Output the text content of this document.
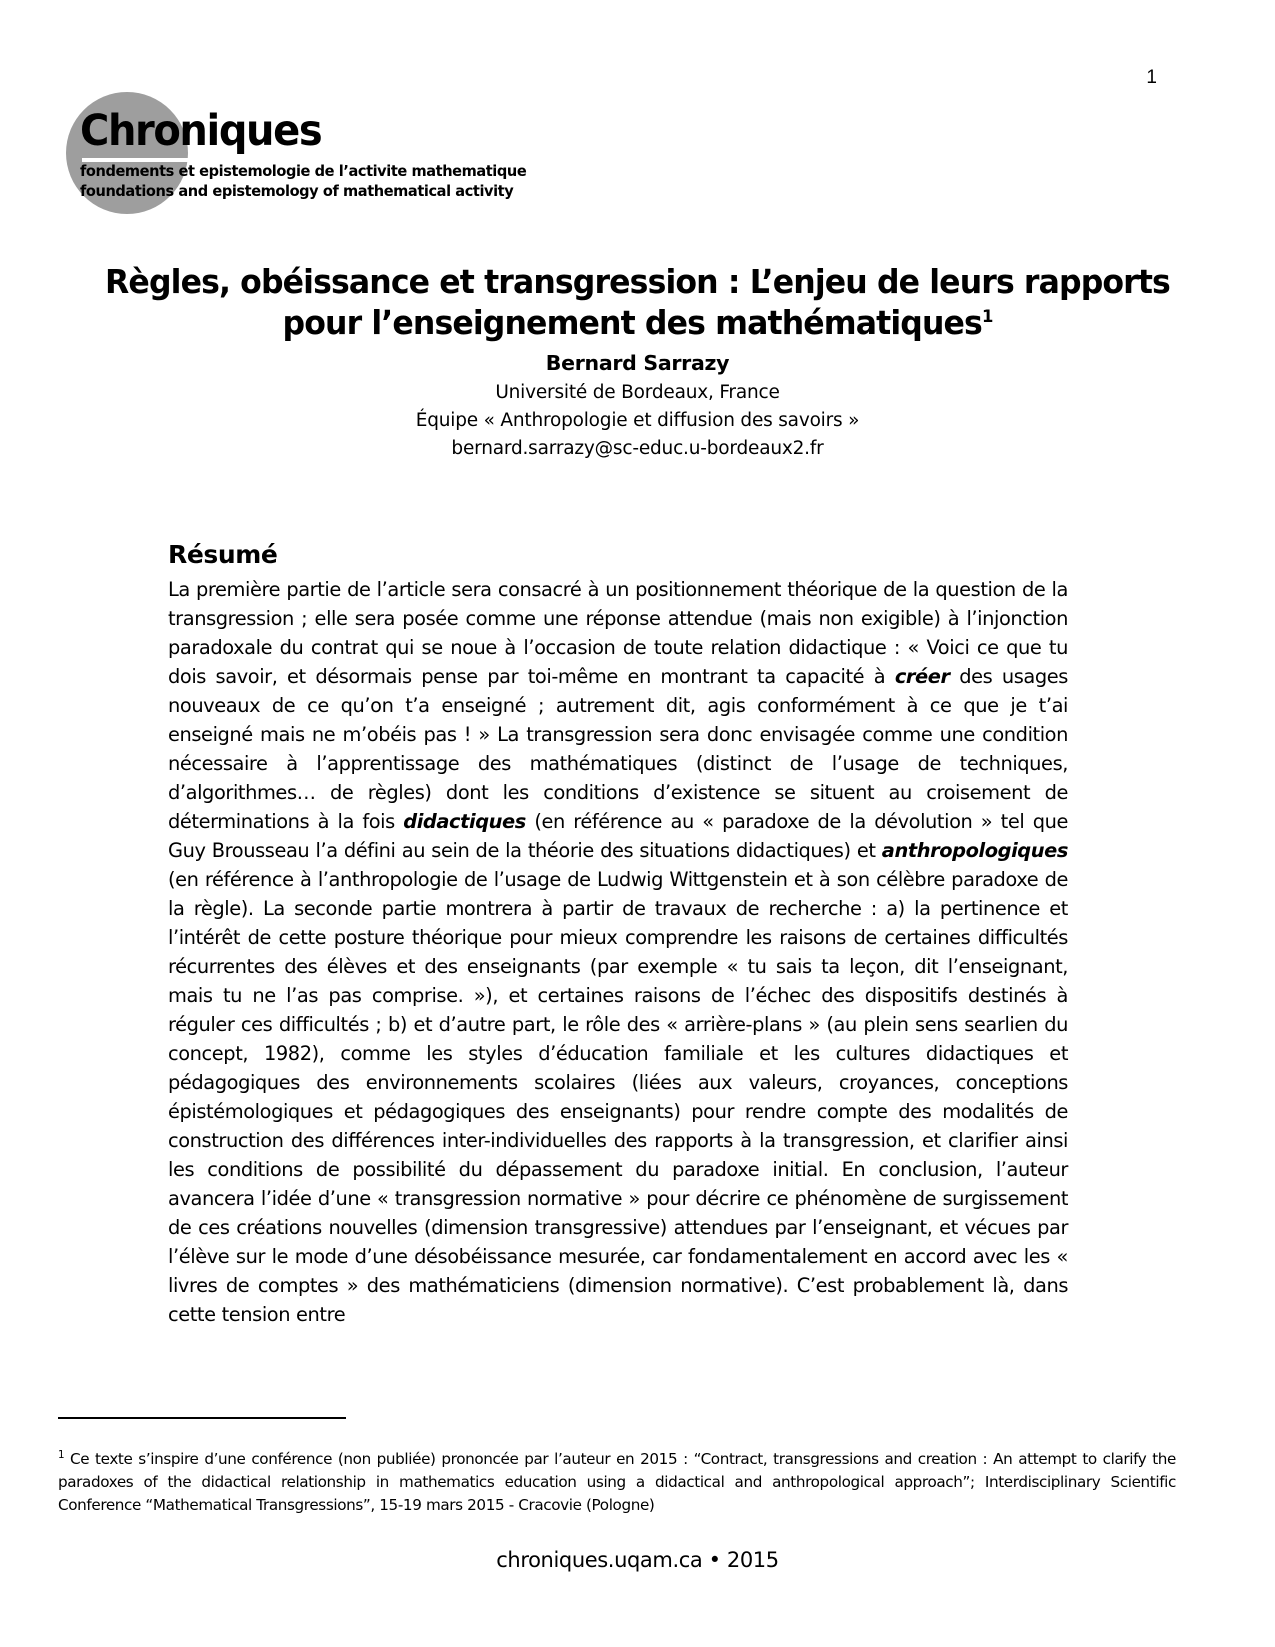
1
Chroniques
fondements et epistemologie de l’activite mathematique
foundations and epistemology of mathematical activity
Règles, obéissance et transgression : L’enjeu de leurs rapports
pour l’enseignement des mathématiques$^1$
Bernard Sarrazy
Université de Bordeaux, France
Équipe « Anthropologie et diffusion des savoirs »
bernard.sarrazy@sc-educ.u-bordeaux2.fr
Résumé

La première partie de l’article sera consacré à un positionnement théorique de la question de la transgression ; elle sera posée comme une réponse attendue (mais non exigible) à l’injonction paradoxale du contrat qui se noue à l’occasion de toute relation didactique : « Voici ce que tu dois savoir, et désormais pense par toi-même en montrant ta capacité à créer des usages nouveaux de ce qu’on t’a enseigné ; autrement dit, agis conformément à ce que je t’ai enseigné mais ne m’obéis pas ! » La transgression sera donc envisagée comme une condition nécessaire à l’apprentissage des mathématiques (distinct de l’usage de techniques, d’algorithmes… de règles) dont les conditions d’existence se situent au croisement de déterminations à la fois didactiques (en référence au « paradoxe de la dévolution » tel que Guy Brousseau l’a défini au sein de la théorie des situations didactiques) et anthropologiques (en référence à l’anthropologie de l’usage de Ludwig Wittgenstein et à son célèbre paradoxe de la règle). La seconde partie montrera à partir de travaux de recherche : a) la pertinence et l’intérêt de cette posture théorique pour mieux comprendre les raisons de certaines difficultés récurrentes des élèves et des enseignants (par exemple « tu sais ta leçon, dit l’enseignant, mais tu ne l’as pas comprise. »), et certaines raisons de l’échec des dispositifs destinés à réguler ces difficultés ; b) et d’autre part, le rôle des « arrière-plans » (au plein sens searlien du concept, 1982), comme les styles d’éducation familiale et les cultures didactiques et pédagogiques des environnements scolaires (liées aux valeurs, croyances, conceptions épistémologiques et pédagogiques des enseignants) pour rendre compte des modalités de construction des différences inter-individuelles des rapports à la transgression, et clarifier ainsi les conditions de possibilité du dépassement du paradoxe initial. En conclusion, l’auteur avancera l’idée d’une « transgression normative » pour décrire ce phénomène de surgissement de ces créations nouvelles (dimension transgressive) attendues par l’enseignant, et vécues par l’élève sur le mode d’une désobéissance mesurée, car fondamentalement en accord avec les « livres de comptes » des mathématiciens (dimension normative). C’est probablement là, dans cette tension entre

$^1$ Ce texte s’inspire d’une conférence (non publiée) prononcée par l’auteur en 2015 : “Contract, transgressions and creation : An attempt to clarify the paradoxes of the didactical relationship in mathematics education using a didactical and anthropological approach”; Interdisciplinary Scientific Conference “Mathematical Transgressions”, 15-19 mars 2015 - Cracovie (Pologne)
chroniques.uqam.ca • 2015
